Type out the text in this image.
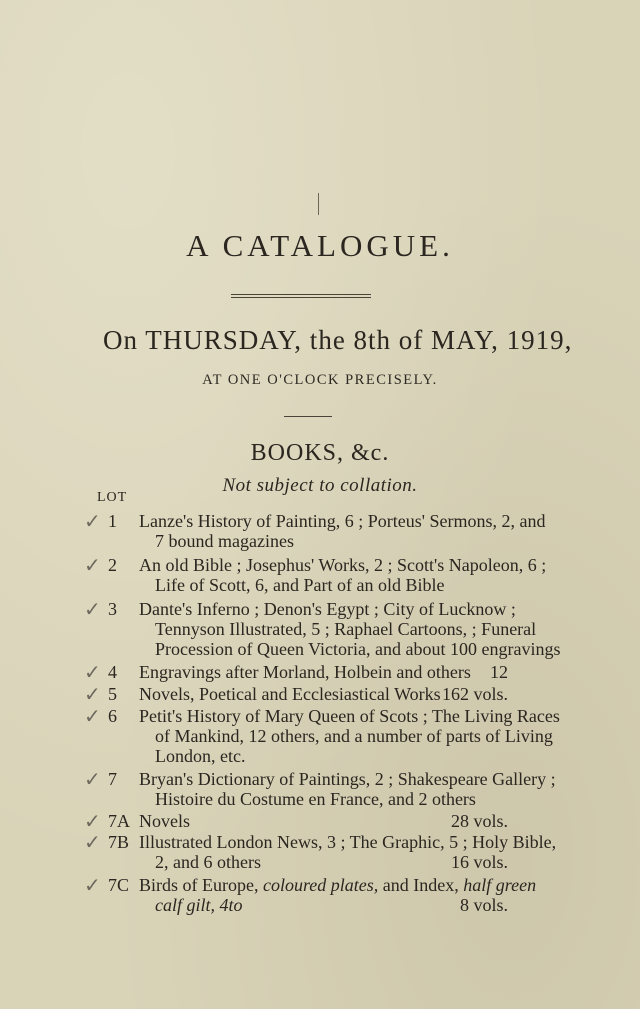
A CATALOGUE.
On THURSDAY, the 8th of MAY, 1919,
AT ONE O'CLOCK PRECISELY.
BOOKS, &c.
Not subject to collation.
LOT
✓ 1	Lanze's History of Painting, 6 ; Porteus' Sermons, 2, and
7 bound magazines
✓ 2	An old Bible ; Josephus' Works, 2 ; Scott's Napoleon, 6 ;
Life of Scott, 6, and Part of an old Bible
✓ 3	Dante's Inferno ; Denon's Egypt ; City of Lucknow ;
Tennyson Illustrated, 5 ; Raphael Cartoons, ; Funeral
Procession of Queen Victoria, and about 100 engravings
✓ 4	Engravings after Morland, Holbein and others	12
✓ 5	Novels, Poetical and Ecclesiastical Works 162 vols.
✓ 6	Petit's History of Mary Queen of Scots ; The Living Races
of Mankind, 12 others, and a number of parts of Living
London, etc.
✓ 7	Bryan's Dictionary of Paintings, 2 ; Shakespeare Gallery ;
Histoire du Costume en France, and 2 others
✓ 7A Novels	28 vols.
✓ 7B Illustrated London News, 3 ; The Graphic, 5 ; Holy Bible,
2, and 6 others	16 vols.
✓ 7C Birds of Europe, coloured plates, and Index, half green
calf gilt, 4to	8 vols.
